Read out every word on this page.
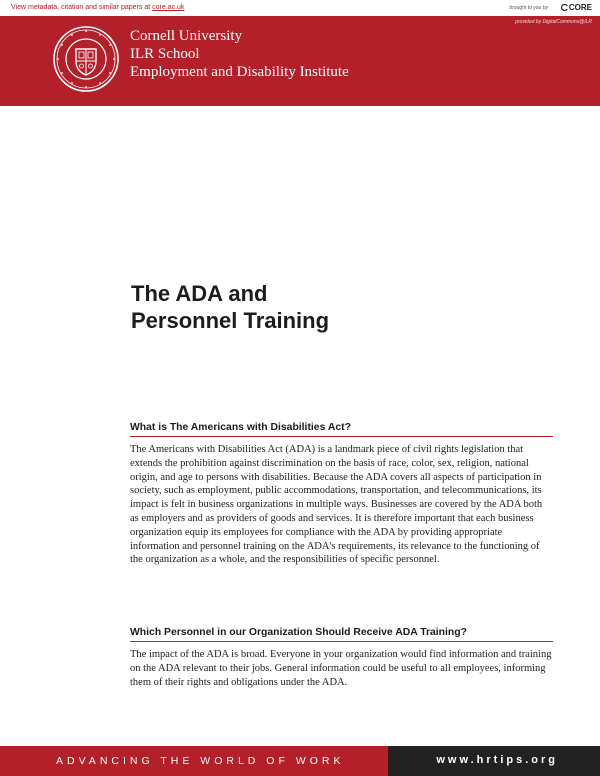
View metadata, citation and similar papers at core.ac.uk	brought to you by	CORE
provided by DigitalCommons@ILR
Cornell University
ILR School
Employment and Disability Institute
The ADA and
Personnel Training
What is The Americans with Disabilities Act?

The Americans with Disabilities Act (ADA) is a landmark piece of civil rights legislation that extends the prohibition against discrimination on the basis of race, color, sex, religion, national origin, and age to persons with disabilities. Because the ADA covers all aspects of participation in society, such as employment, public accommodations, transportation, and telecommunications, its impact is felt in business organizations in multiple ways. Businesses are covered by the ADA both as employers and as providers of goods and services. It is therefore important that each business organization equip its employees for compliance with the ADA by providing appropriate information and personnel training on the ADA's requirements, its relevance to the functioning of the organization as a whole, and the responsibilities of specific personnel.

Which Personnel in our Organization Should Receive ADA Training?

The impact of the ADA is broad. Everyone in your organization would find information and training on the ADA relevant to their jobs. General information could be useful to all employees, informing them of their rights and obligations under the ADA.

ADVANCING THE WORLD OF WORK	www.hrtips.org
